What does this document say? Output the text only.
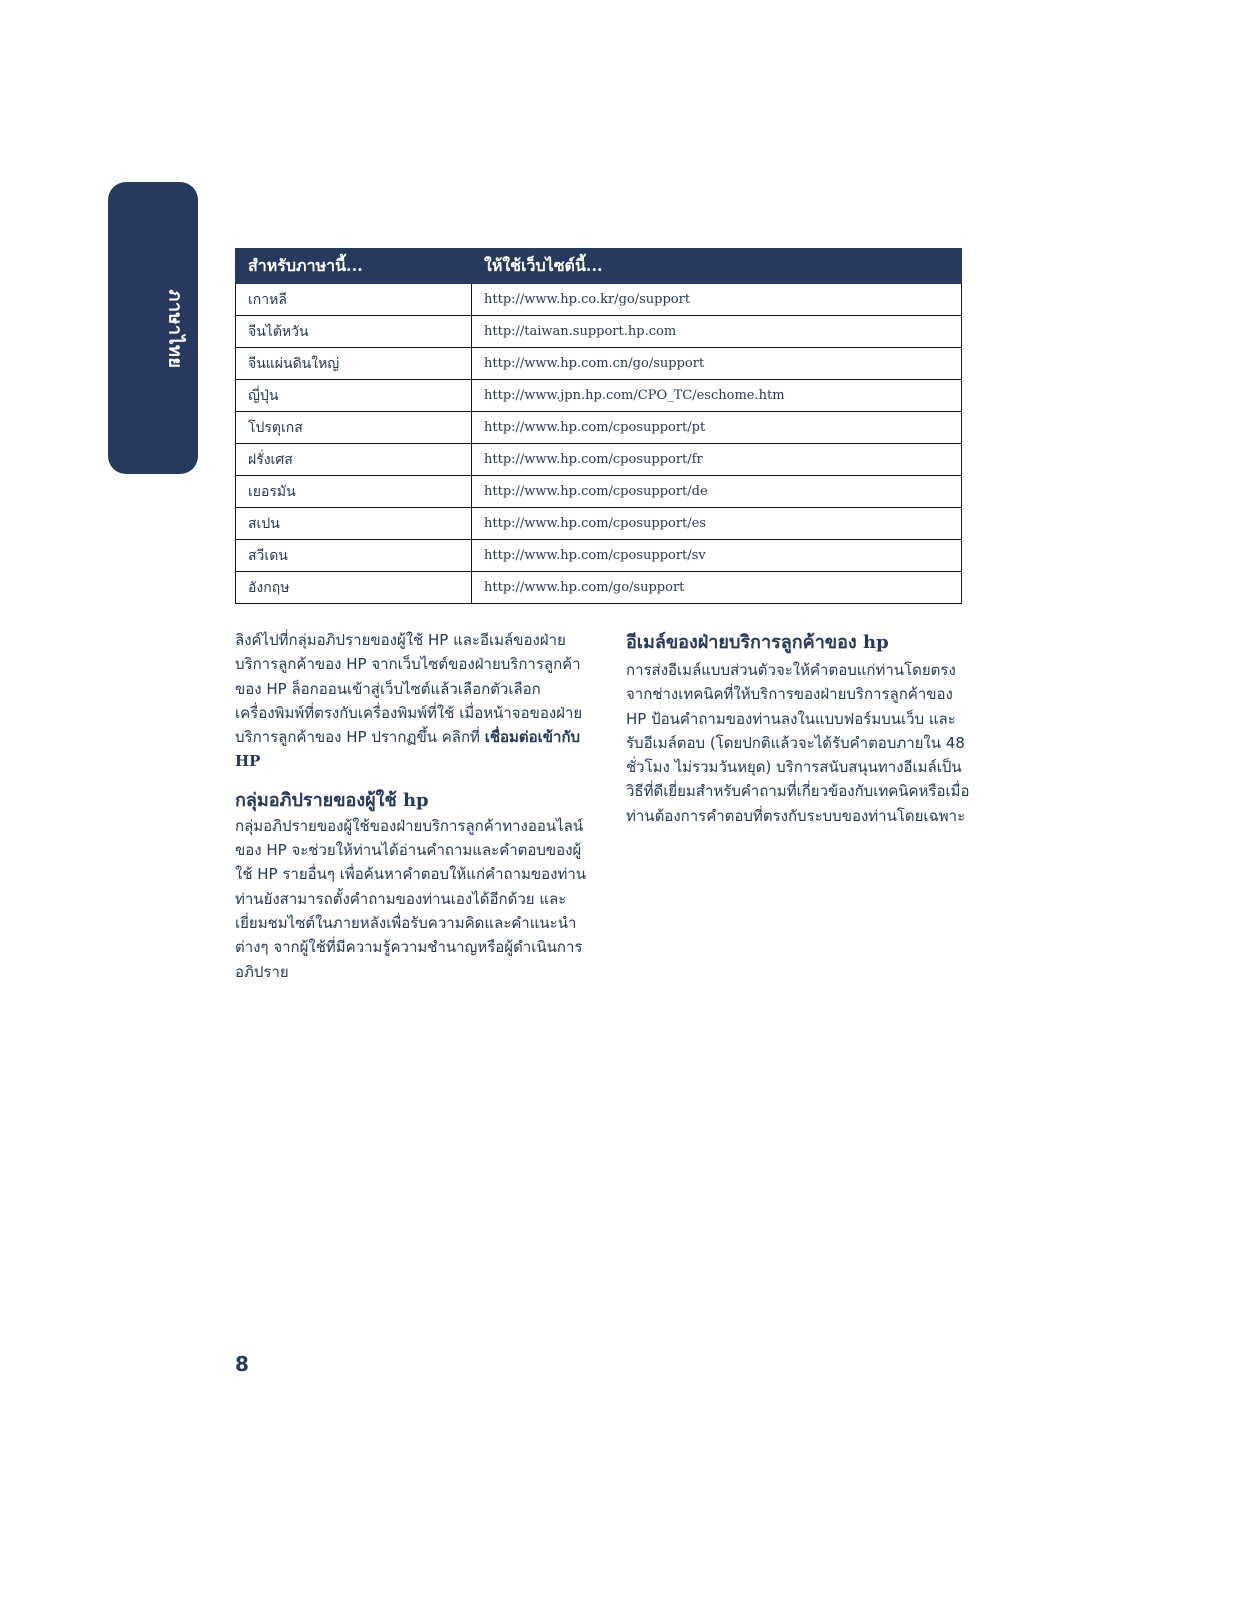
ภาษาไทย
สำหรับภาษานี้...	ให้ใช้เว็บไซต์นี้...
เกาหลี	http://www.hp.co.kr/go/support
จีนไต้หวัน	http://taiwan.support.hp.com
จีนแผ่นดินใหญ่	http://www.hp.com.cn/go/support
ญี่ปุ่น	http://www.jpn.hp.com/CPO_TC/eschome.htm
โปรตุเกส	http://www.hp.com/cposupport/pt
ฝรั่งเศส	http://www.hp.com/cposupport/fr
เยอรมัน	http://www.hp.com/cposupport/de
สเปน	http://www.hp.com/cposupport/es
สวีเดน	http://www.hp.com/cposupport/sv
อังกฤษ	http://www.hp.com/go/support

ลิงค์ไปที่กลุ่มอภิปรายของผู้ใช้ HP และอีเมล์ของฝ่ายบริการลูกค้าของ HP จากเว็บไซต์ของฝ่ายบริการลูกค้าของ HP ล็อกออนเข้าสู่เว็บไซต์แล้วเลือกตัวเลือกเครื่องพิมพ์ที่ตรงกับเครื่องพิมพ์ที่ใช้ เมื่อหน้าจอของฝ่ายบริการลูกค้าของ HP ปรากฏขึ้น คลิกที่ เชื่อมต่อเข้ากับ HP

กลุ่มอภิปรายของผู้ใช้ hp

กลุ่มอภิปรายของผู้ใช้ของฝ่ายบริการลูกค้าทางออนไลน์ของ HP จะช่วยให้ท่านได้อ่านคำถามและคำตอบของผู้ใช้ HP รายอื่นๆ เพื่อค้นหาคำตอบให้แก่คำถามของท่าน ท่านยังสามารถตั้งคำถามของท่านเองได้อีกด้วย และเยี่ยมชมไซต์ในภายหลังเพื่อรับความคิดและคำแนะนำต่างๆ จากผู้ใช้ที่มีความรู้ความชำนาญหรือผู้ดำเนินการอภิปราย

อีเมล์ของฝ่ายบริการลูกค้าของ hp

การส่งอีเมล์แบบส่วนตัวจะให้คำตอบแก่ท่านโดยตรงจากช่างเทคนิคที่ให้บริการของฝ่ายบริการลูกค้าของ HP ป้อนคำถามของท่านลงในแบบฟอร์มบนเว็บ และรับอีเมล์ตอบ (โดยปกติแล้วจะได้รับคำตอบภายใน 48 ชั่วโมง ไม่รวมวันหยุด) บริการสนับสนุนทางอีเมล์เป็นวิธีที่ดีเยี่ยมสำหรับคำถามที่เกี่ยวข้องกับเทคนิคหรือเมื่อท่านต้องการคำตอบที่ตรงกับระบบของท่านโดยเฉพาะ

8
